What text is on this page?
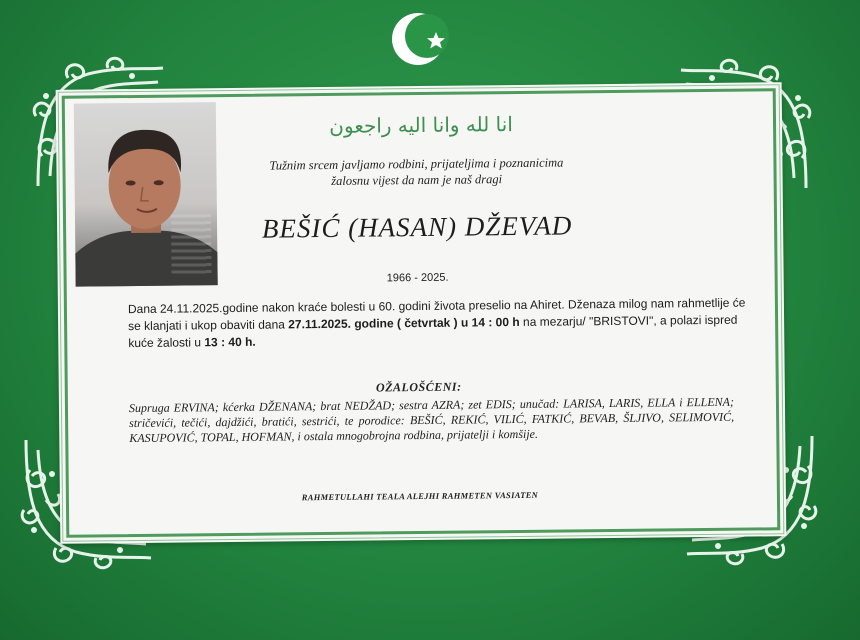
انا لله وانا اليه راجعون
Tužnim srcem javljamo rodbini, prijateljima i poznanicima
žalosnu vijest da nam je naš dragi
BEŠIĆ (HASAN) DŽEVAD
1966 - 2025.
Dana 24.11.2025.godine nakon kraće bolesti u 60. godini života preselio na Ahiret. Dženaza milog nam rahmetlije će se klanjati i ukop obaviti dana 27.11.2025. godine ( četvrtak ) u 14 : 00 h na mezarju/ "BRISTOVI", a polazi ispred kuće žalosti u 13 : 40 h.
OŽALOŠĆENI:
Supruga ERVINA; kćerka DŽENANA; brat NEDŽAD; sestra AZRA; zet EDIS; unučad: LARISA, LARIS, ELLA i ELLENA; stričevići, tečići, dajdžići, bratići, sestrići, te porodice: BEŠIĆ, REKIĆ, VILIĆ, FATKIĆ, BEVAB, ŠLJIVO, SELIMOVIĆ, KASUPOVIĆ, TOPAL, HOFMAN, i ostala mnogobrojna rodbina, prijatelji i komšije.
RAHMETULLAHI TEALA ALEJHI RAHMETEN VASIATEN
